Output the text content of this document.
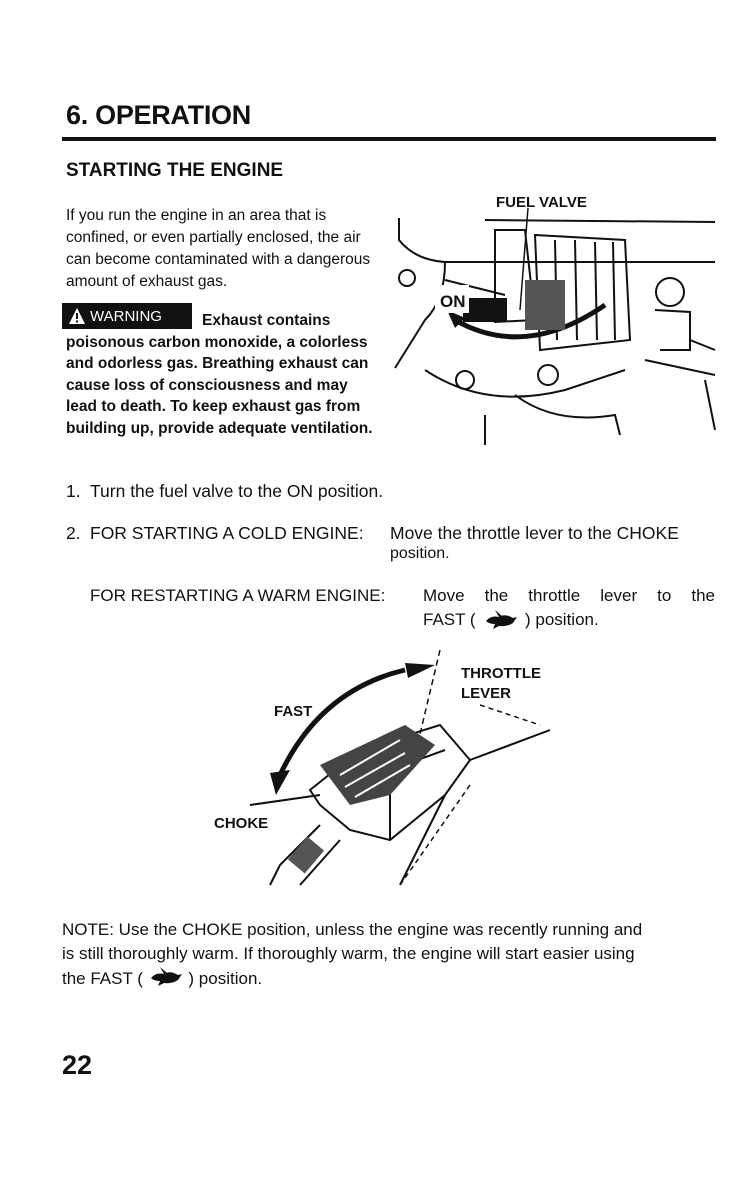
6. OPERATION
STARTING THE ENGINE
If you run the engine in an area that is confined, or even partially enclosed, the air can become contaminated with a dangerous amount of exhaust gas.
Exhaust contains poisonous carbon monoxide, a colorless and odorless gas. Breathing exhaust can cause loss of consciousness and may lead to death. To keep exhaust gas from building up, provide adequate ventilation.
WARNING
FUEL VALVE
ON
1. Turn the fuel valve to the ON position.
2. FOR STARTING A COLD ENGINE: Move the throttle lever to the CHOKE
position.
FOR RESTARTING A WARM ENGINE: Move the throttle lever to the
FAST (	) position.
THROTTLE
LEVER
FAST
CHOKE
NOTE: Use the CHOKE position, unless the engine was recently running and
is still thoroughly warm. If thoroughly warm, the engine will start easier using
the FAST (	) position.
22
